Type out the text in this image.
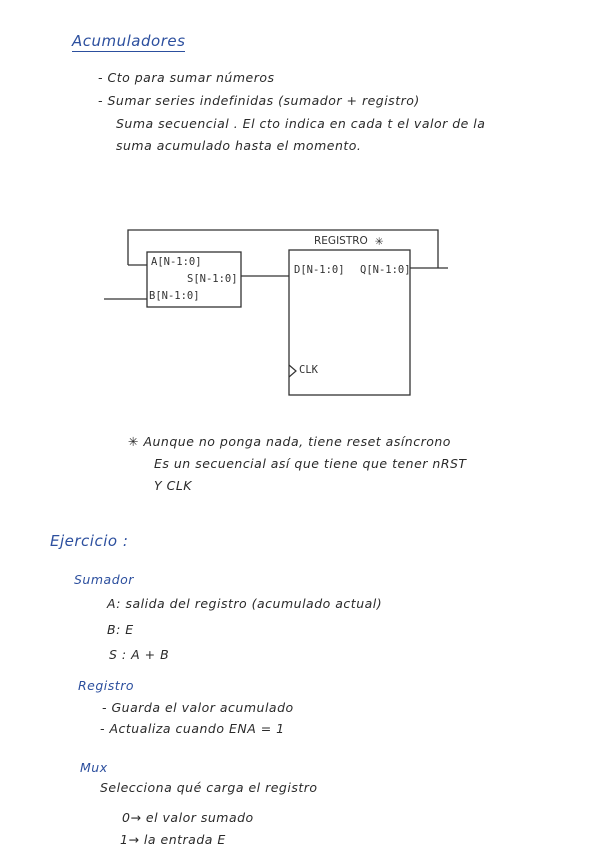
Acumuladores
- Cto para sumar números
- Sumar series indefinidas (sumador + registro)
Suma secuencial . El cto indica en cada t el valor de la
suma acumulado hasta el momento.
A[N-1:0]
S[N-1:0]
B[N-1:0]
REGISTRO ✳
D[N-1:0] Q[N-1:0]
CLK
✳ Aunque no ponga nada, tiene reset asíncrono
Es un secuencial así que tiene que tener nRST
Y CLK
Ejercicio :
Sumador
A: salida del registro (acumulado actual)
B: E
S : A + B
Registro
- Guarda el valor acumulado
- Actualiza cuando ENA = 1
Mux
Selecciona qué carga el registro
0→ el valor sumado
1→ la entrada E
